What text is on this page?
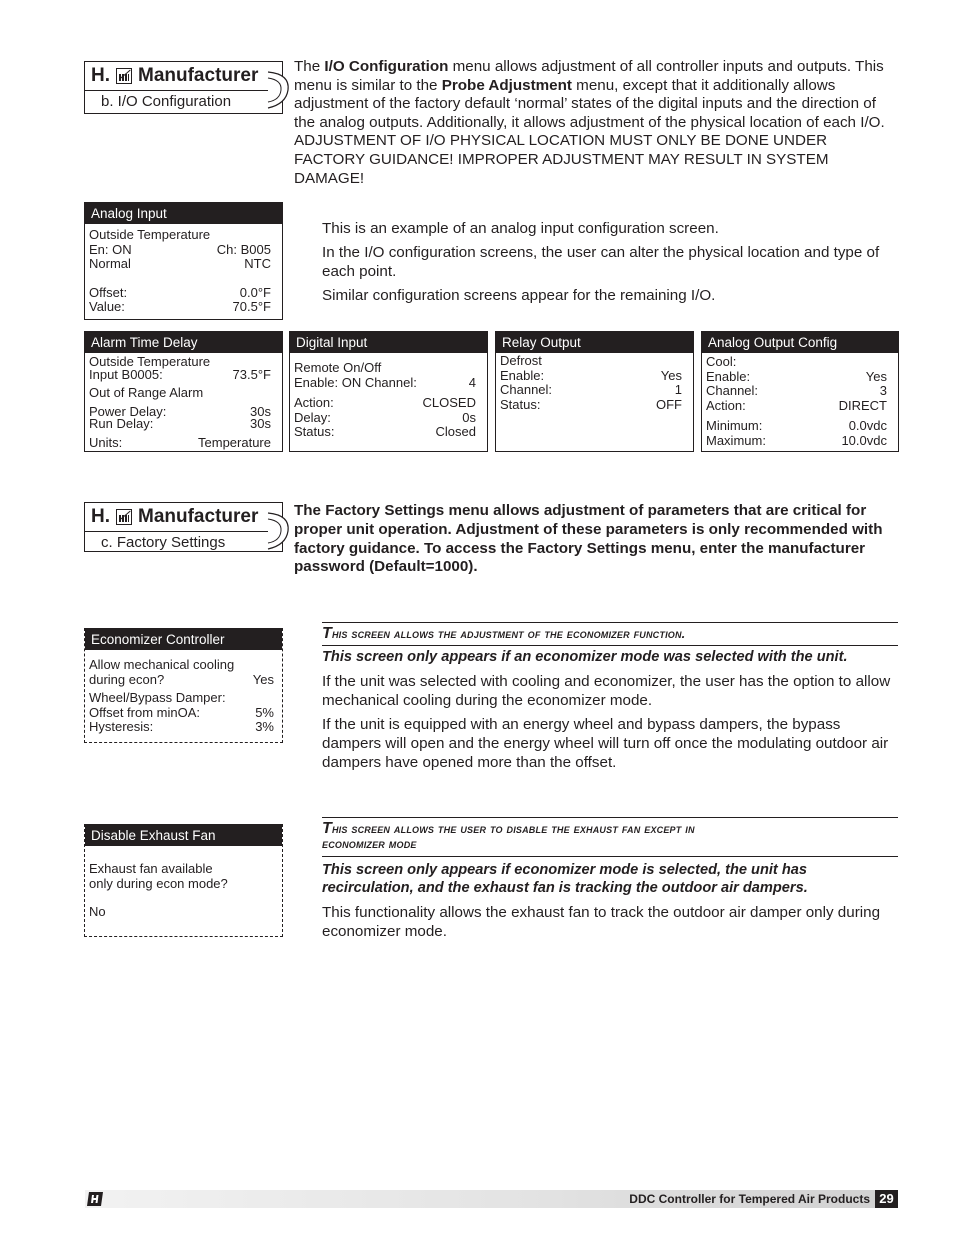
H. Manufacturer
b. I/O Configuration
The I/O Configuration menu allows adjustment of all controller inputs and outputs. This menu is similar to the Probe Adjustment menu, except that it additionally allows adjustment of the factory default ‘normal’ states of the digital inputs and the direction of the analog outputs. Additionally, it allows adjustment of the physical location of each I/O. ADJUSTMENT OF I/O PHYSICAL LOCATION MUST ONLY BE DONE UNDER FACTORY GUIDANCE! IMPROPER ADJUSTMENT MAY RESULT IN SYSTEM DAMAGE!
Analog Input
Outside Temperature
En: ON	Ch: B005
Normal	NTC
Offset:	0.0°F
Value:	70.5°F

This is an example of an analog input configuration screen.

In the I/O configuration screens, the user can alter the physical location and type of each point.

Similar configuration screens appear for the remaining I/O.

Alarm Time Delay
Outside Temperature
Input B0005:	73.5°F
Out of Range Alarm
Power Delay:	30s
Run Delay:	30s
Units:	Temperature
Digital Input
Remote On/Off
Enable: ON Channel:	4
Action:	CLOSED
Delay:	0s
Status:	Closed
Relay Output
Defrost
Enable:	Yes
Channel:	1
Status:	OFF
Analog Output Config
Cool:
Enable:	Yes
Channel:	3
Action:	DIRECT
Minimum:	0.0vdc
Maximum:	10.0vdc
H. Manufacturer
c. Factory Settings
The Factory Settings menu allows adjustment of parameters that are critical for proper unit operation. Adjustment of these parameters is only recommended with factory guidance. To access the Factory Settings menu, enter the manufacturer password (Default=1000).
Economizer Controller
Allow mechanical cooling
during econ?	Yes
Wheel/Bypass Damper:
Offset from minOA:	5%
Hysteresis:	3%
This screen allows the adjustment of the economizer function.

This screen only appears if an economizer mode was selected with the unit.

If the unit was selected with cooling and economizer, the user has the option to allow mechanical cooling during the economizer mode.

If the unit is equipped with an energy wheel and bypass dampers, the bypass dampers will open and the energy wheel will turn off once the modulating outdoor air dampers have opened more than the offset.

Disable Exhaust Fan
Exhaust fan available
only during econ mode?
No
This screen allows the user to disable the exhaust fan except in
economizer mode

This screen only appears if economizer mode is selected, the unit has recirculation, and the exhaust fan is tracking the outdoor air dampers.

This functionality allows the exhaust fan to track the outdoor air damper only during economizer mode.

DDC Controller for Tempered Air Products 29
